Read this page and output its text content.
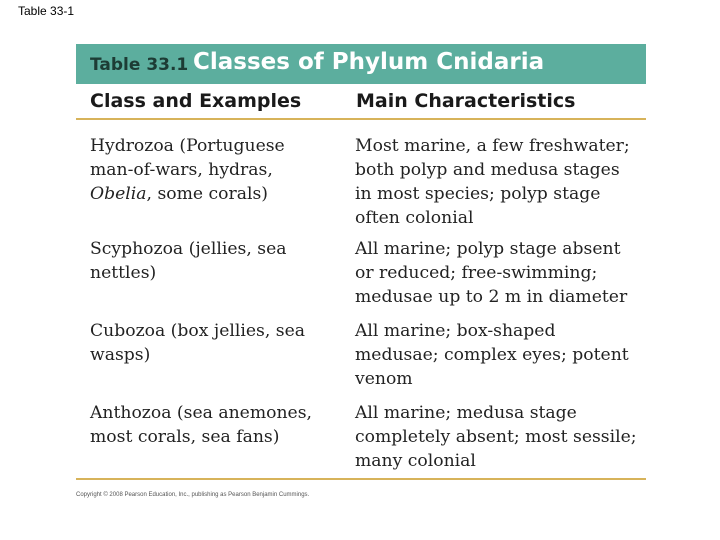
Table 33-1
Table 33.1 Classes of Phylum Cnidaria
Class and Examples	Main Characteristics
Hydrozoa (Portuguese
man-of-wars, hydras,
Obelia, some corals)
Most marine, a few freshwater;
both polyp and medusa stages
in most species; polyp stage
often colonial
Scyphozoa (jellies, sea
nettles)
All marine; polyp stage absent
or reduced; free-swimming;
medusae up to 2 m in diameter
Cubozoa (box jellies, sea
wasps)
All marine; box-shaped
medusae; complex eyes; potent
venom
Anthozoa (sea anemones,
most corals, sea fans)
All marine; medusa stage
completely absent; most sessile;
many colonial
Copyright © 2008 Pearson Education, Inc., publishing as Pearson Benjamin Cummings.
